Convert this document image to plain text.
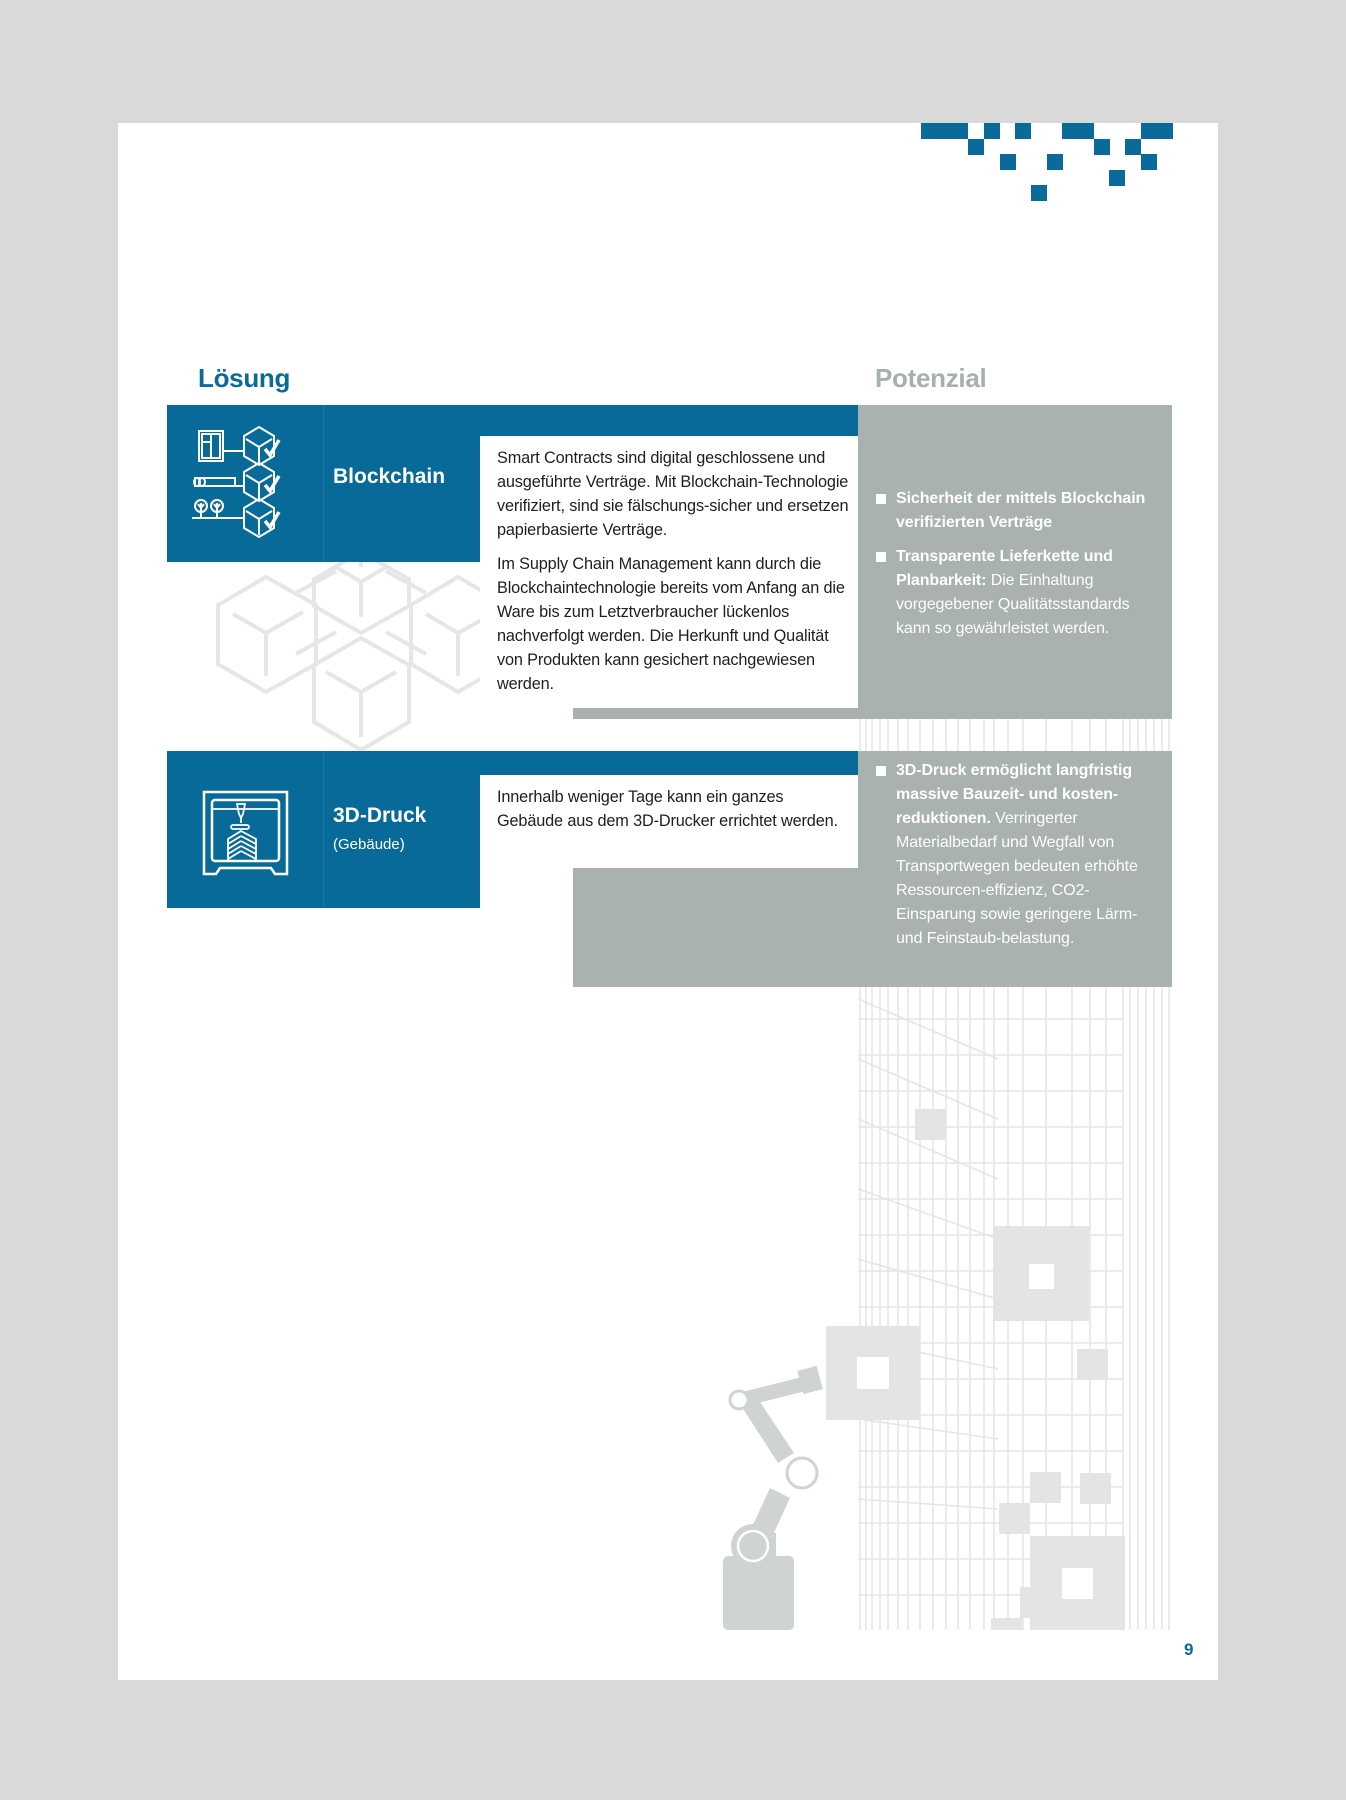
Lösung	Potenzial
Sicherheit der mittels Blockchain verifizierten Verträge
Transparente Lieferkette und Planbarkeit: Die Einhaltung vorgegebener Qualitätsstandards kann so gewährleistet werden.
Blockchain

Smart Contracts sind digital geschlossene und ausgeführte Verträge. Mit Blockchain-Technologie verifiziert, sind sie fälschungs-sicher und ersetzen papierbasierte Verträge.

Im Supply Chain Management kann durch die Blockchaintechnologie bereits vom Anfang an die Ware bis zum Letztverbraucher lückenlos nachverfolgt werden. Die Herkunft und Qualität von Produkten kann gesichert nachgewiesen werden.

3D-Druck ermöglicht langfristig massive Bauzeit- und kosten-reduktionen. Verringerter Materialbedarf und Wegfall von Transportwegen bedeuten erhöhte Ressourcen-effizienz, CO2-Einsparung sowie geringere Lärm- und Feinstaub-belastung.
3D-Druck
(Gebäude)

Innerhalb weniger Tage kann ein ganzes Gebäude aus dem 3D-Drucker errichtet werden.

9
